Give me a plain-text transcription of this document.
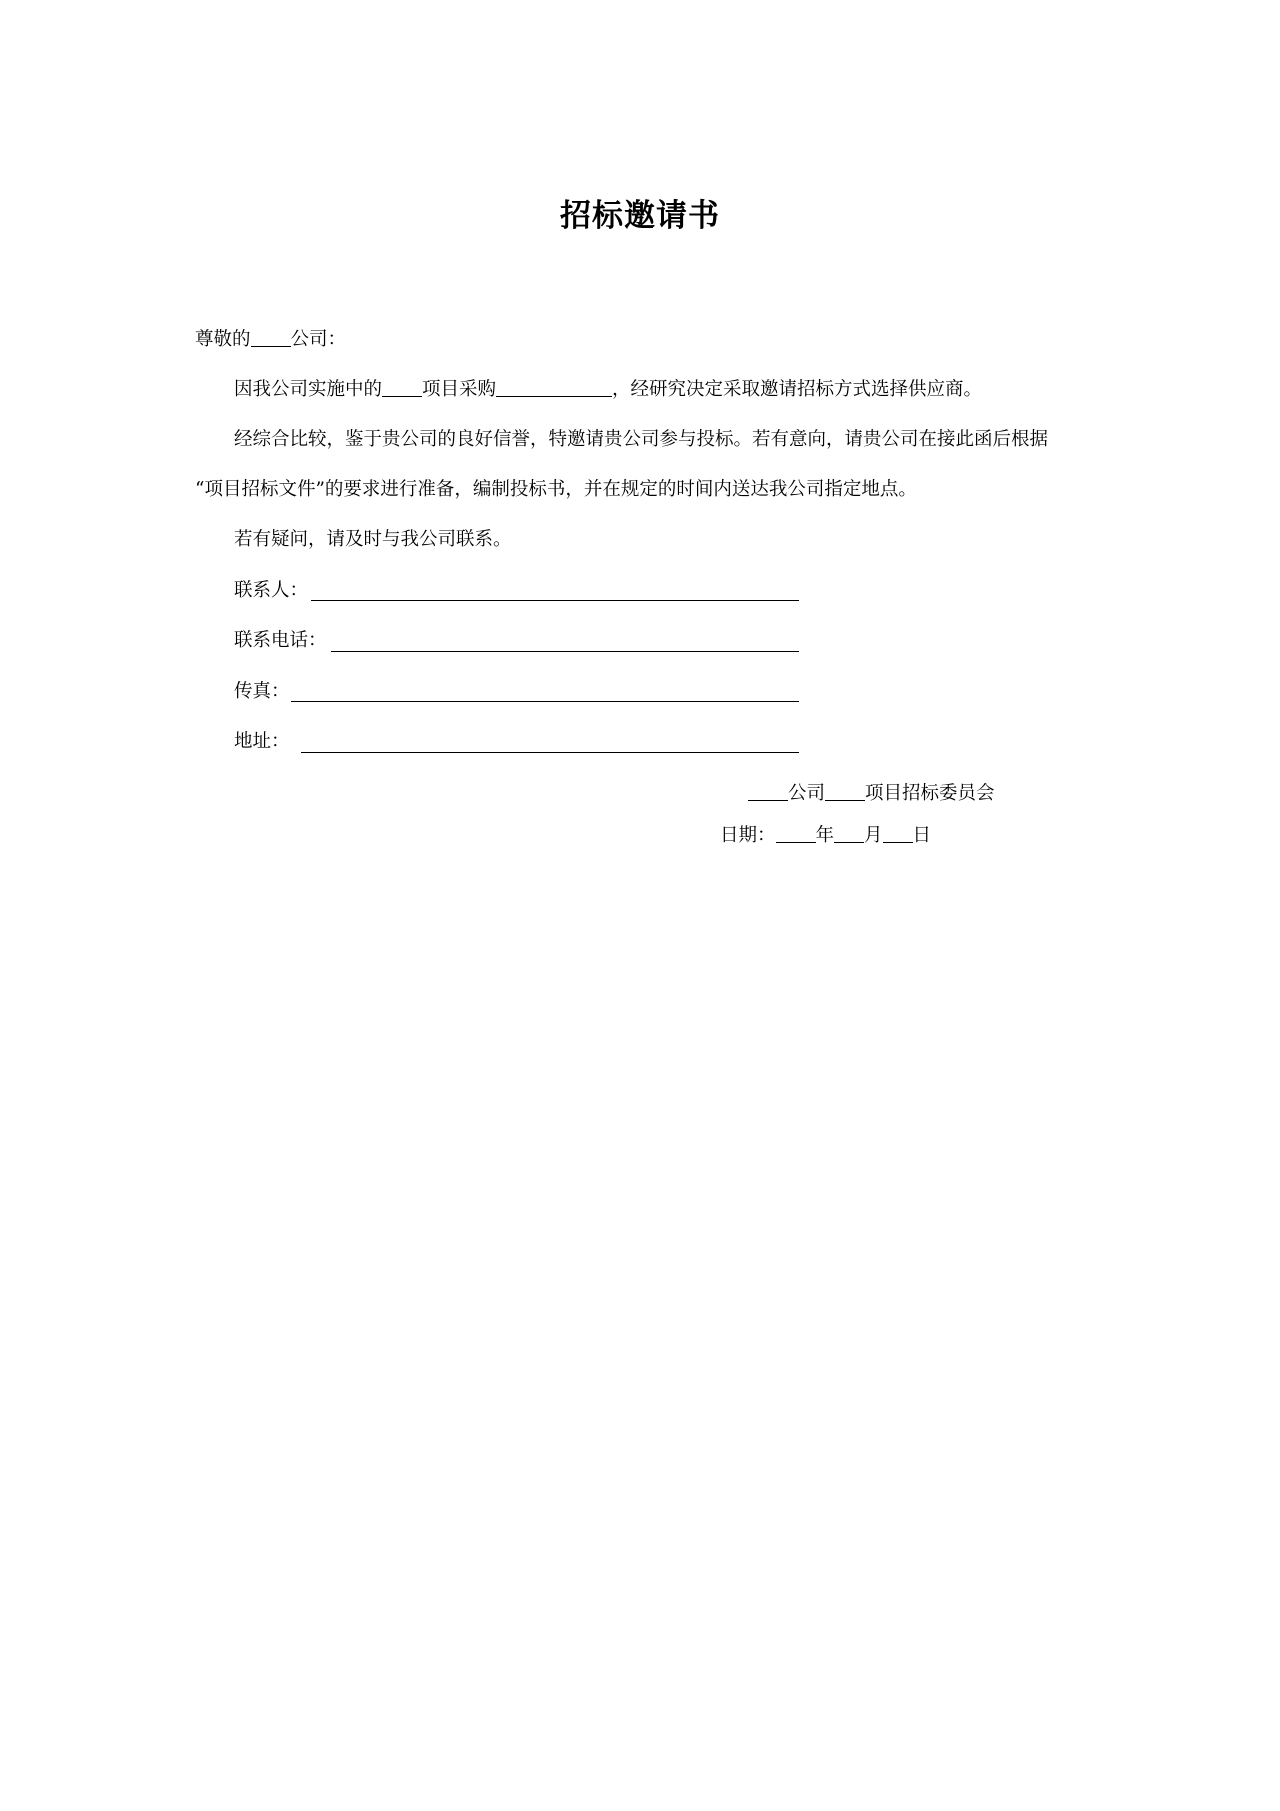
招标邀请书
尊敬的 公司：
因我公司实施中的 项目采购	，经研究决定采取邀请招标方式选择供应商。
经综合比较，鉴于贵公司的良好信誉，特邀请贵公司参与投标。若有意向，请贵公司在接此函后根据
“项目招标文件”的要求进行准备，编制投标书，并在规定的时间内送达我公司指定地点。
若有疑问，请及时与我公司联系。
联系人：
联系电话：
传真：
地址：
公司 项目招标委员会
日期： 年 月 日
